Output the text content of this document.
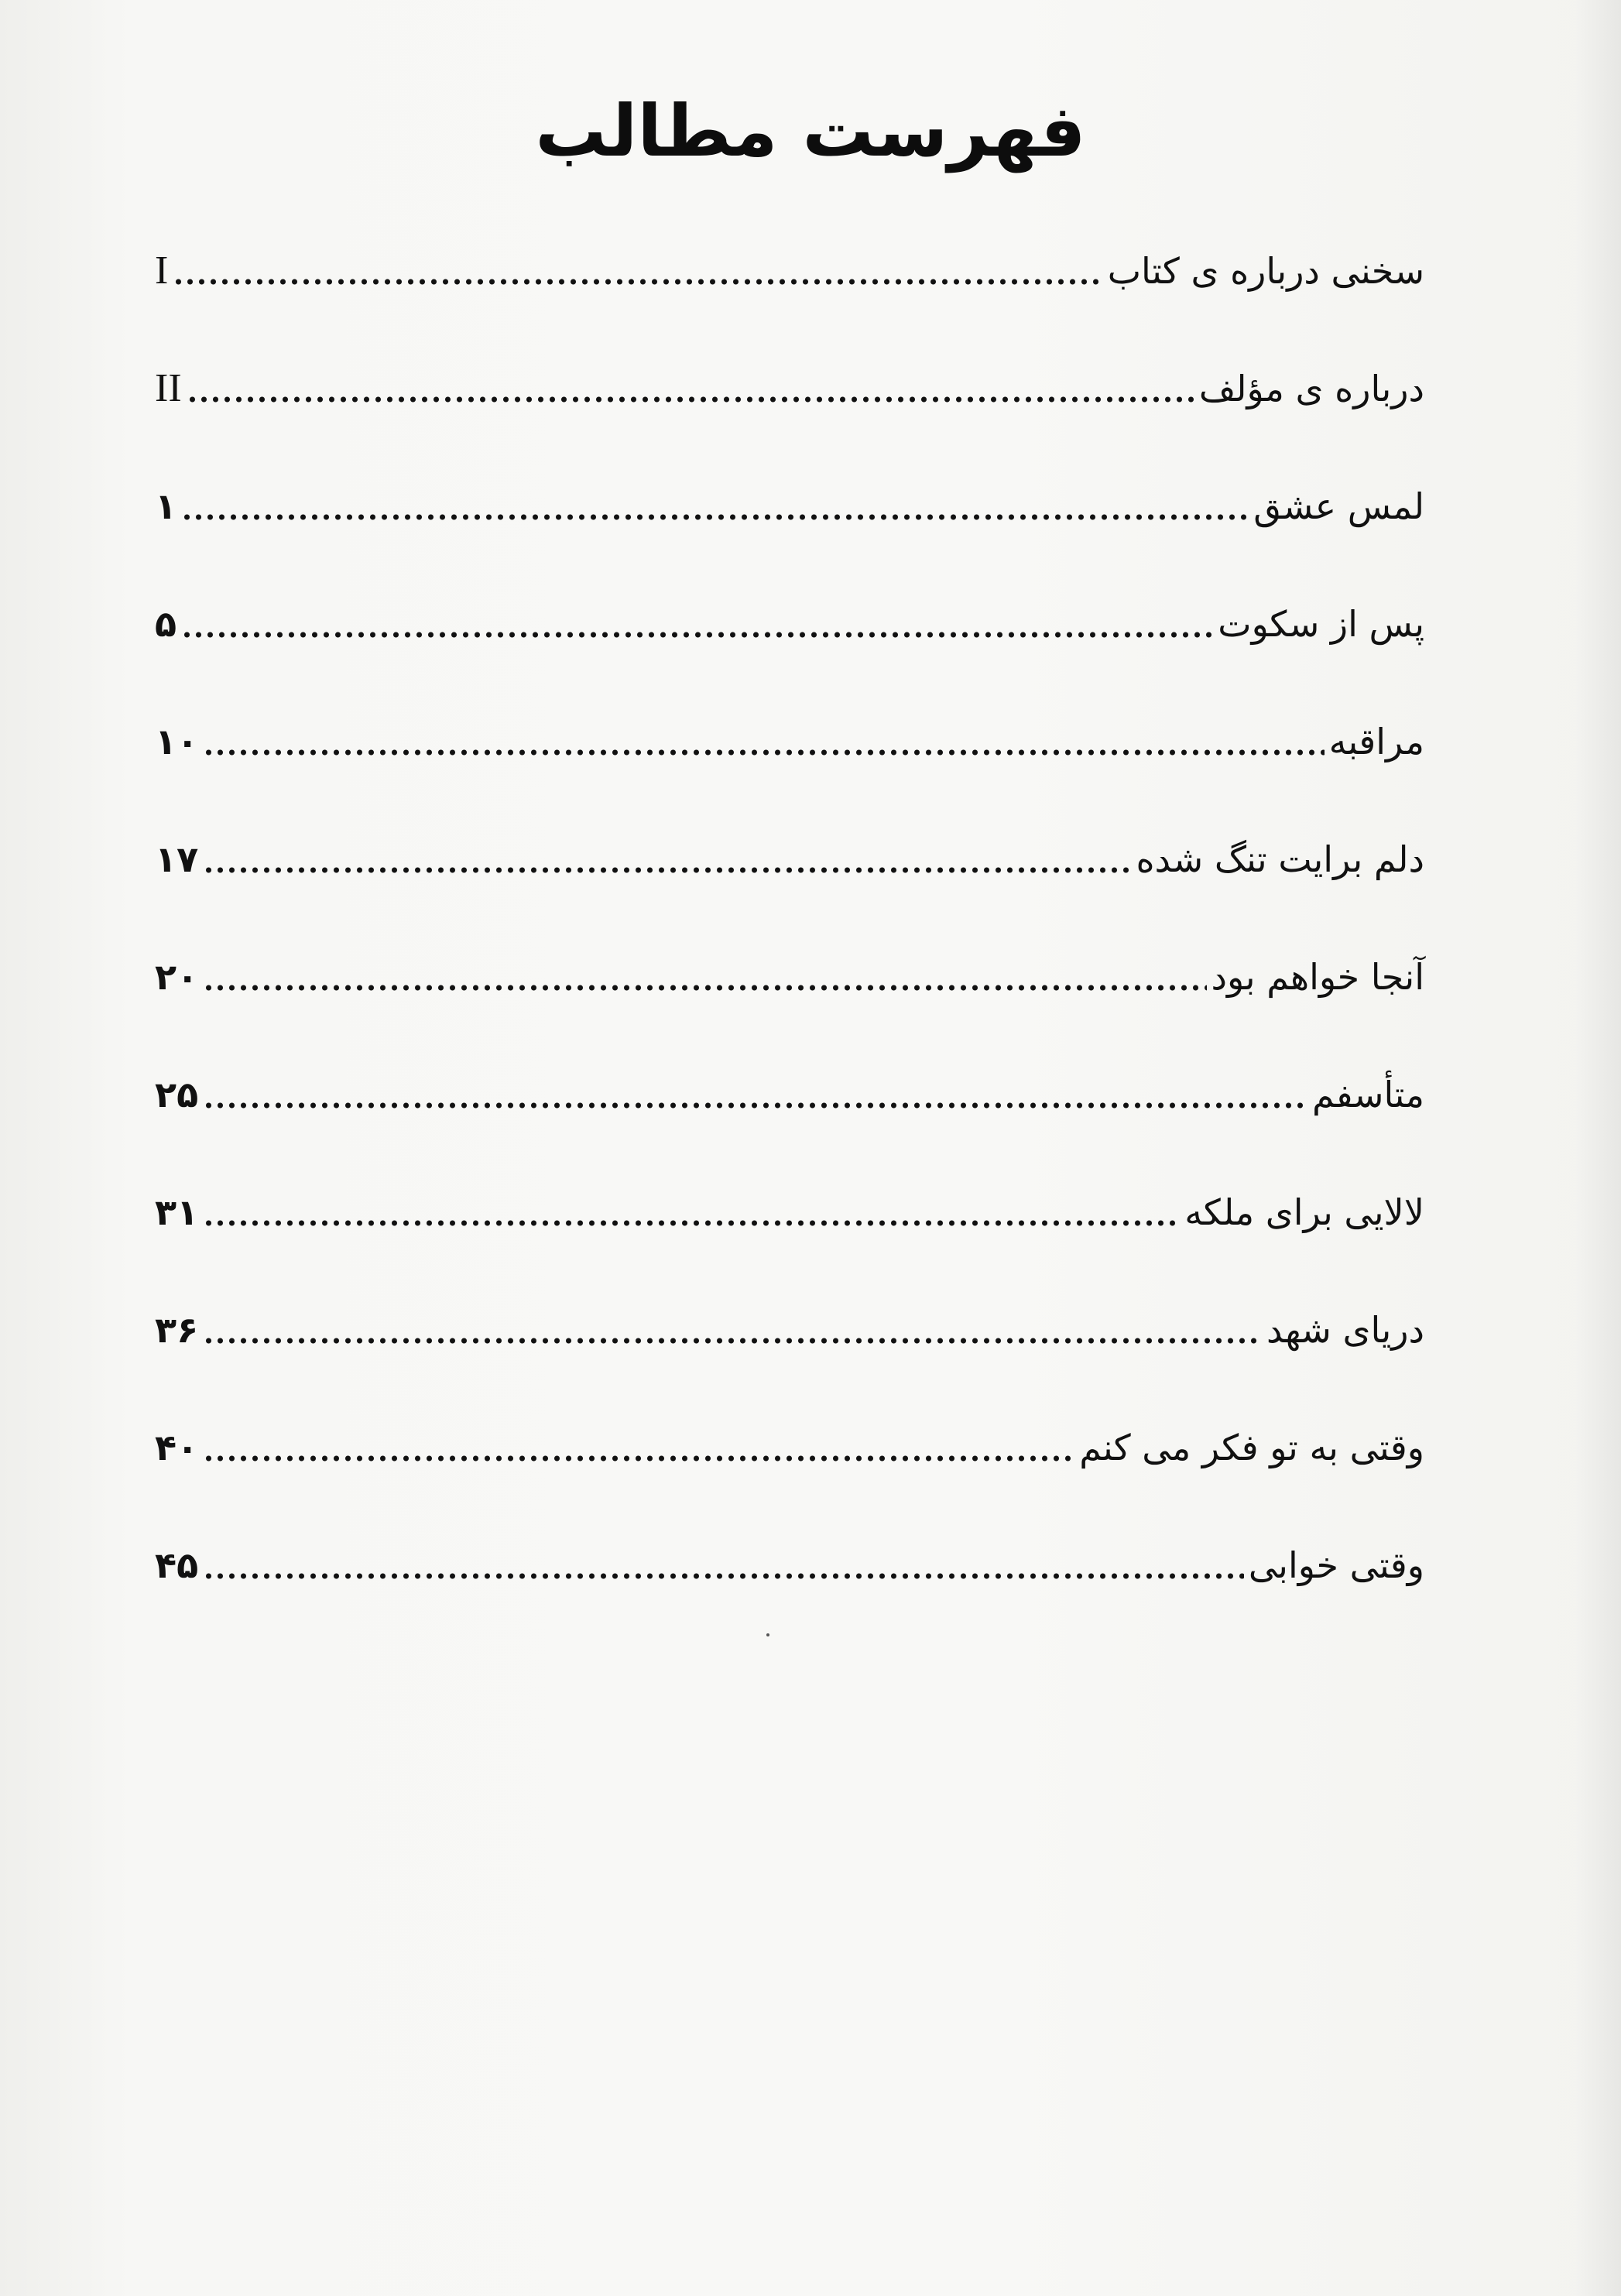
فهرست مطالب
I	سخنی درباره ی کتاب
II	درباره ی مؤلف
۱	لمس عشق
۵	پس از سکوت
۱۰	مراقبه
۱۷	دلم برایت تنگ شده
۲۰	آنجا خواهم بود
۲۵	متأسفم
۳۱	لالایی برای ملکه
۳۶	دریای شهد
۴۰	وقتی به تو فکر می کنم
۴۵	وقتی خوابی
